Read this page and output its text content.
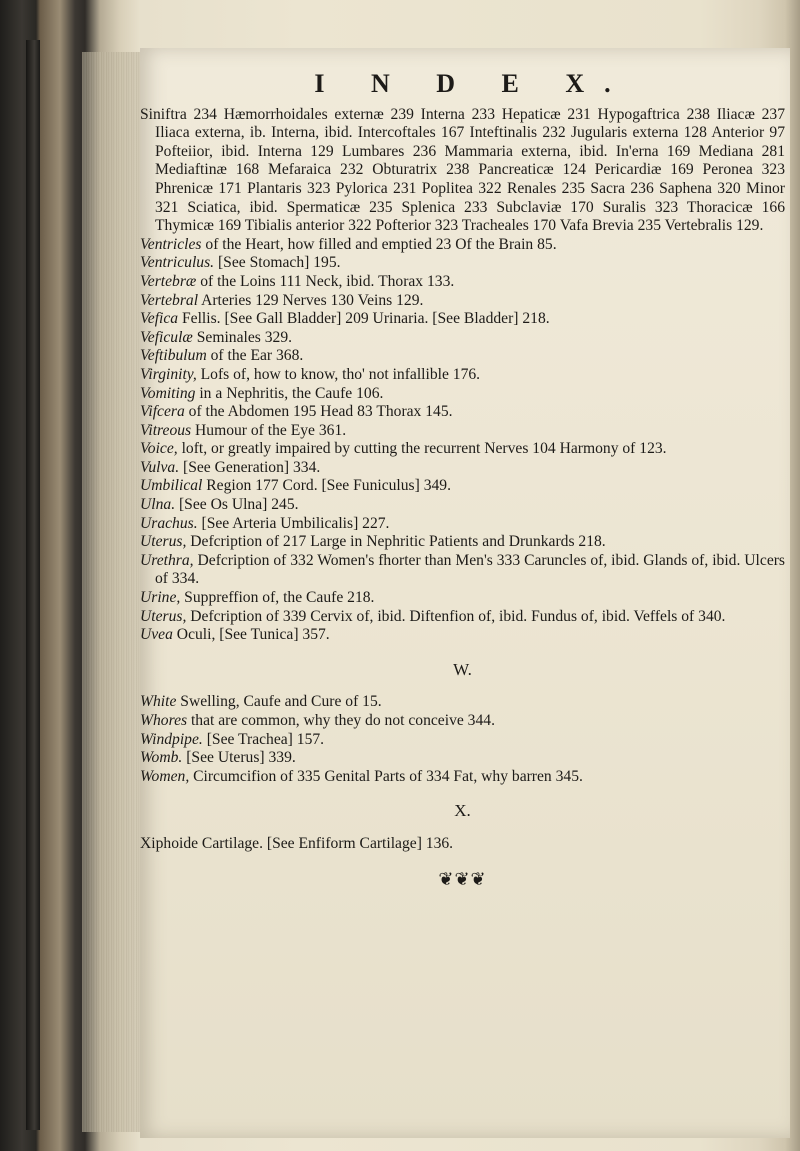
I N D E X.
Siniftra 234 Hæmorrhoidales externæ 239 Interna 233 Hepaticæ 231 Hypogaftrica 238 Iliacæ 237 Iliaca externa, ib. Interna, ibid. Intercoftales 167 Inteftinalis 232 Jugularis externa 128 Anterior 97 Pofteiior, ibid. Interna 129 Lumbares 236 Mammaria externa, ibid. In'erna 169 Mediana 281 Mediaftinæ 168 Mefaraica 232 Obturatrix 238 Pancreaticæ 124 Pericardiæ 169 Peronea 323 Phrenicæ 171 Plantaris 323 Pylorica 231 Poplitea 322 Renales 235 Sacra 236 Saphena 320 Minor 321 Sciatica, ibid. Spermaticæ 235 Splenica 233 Subclaviæ 170 Suralis 323 Thoracicæ 166 Thymicæ 169 Tibialis anterior 322 Pofterior 323 Tracheales 170 Vafa Brevia 235 Vertebralis 129.
Ventricles of the Heart, how filled and emptied 23 Of the Brain 85.
Ventriculus. [See Stomach] 195.
Vertebræ of the Loins 111 Neck, ibid. Thorax 133.
Vertebral Arteries 129 Nerves 130 Veins 129.
Vefica Fellis. [See Gall Bladder] 209 Urinaria. [See Bladder] 218.
Veficulæ Seminales 329.
Veftibulum of the Ear 368.
Virginity, Lofs of, how to know, tho' not infallible 176.
Vomiting in a Nephritis, the Caufe 106.
Vifcera of the Abdomen 195 Head 83 Thorax 145.
Vitreous Humour of the Eye 361.
Voice, loft, or greatly impaired by cutting the recurrent Nerves 104 Harmony of 123.
Vulva. [See Generation] 334.
Umbilical Region 177 Cord. [See Funiculus] 349.
Ulna. [See Os Ulna] 245.
Urachus. [See Arteria Umbilicalis] 227.
Uterus, Defcription of 217 Large in Nephritic Patients and Drunkards 218.
Urethra, Defcription of 332 Women's fhorter than Men's 333 Caruncles of, ibid. Glands of, ibid. Ulcers of 334.
Urine, Suppreffion of, the Caufe 218.
Uterus, Defcription of 339 Cervix of, ibid. Diftenfion of, ibid. Fundus of, ibid. Veffels of 340.
Uvea Oculi, [See Tunica] 357.
W.
White Swelling, Caufe and Cure of 15.
Whores that are common, why they do not conceive 344.
Windpipe. [See Trachea] 157.
Womb. [See Uterus] 339.
Women, Circumcifion of 335 Genital Parts of 334 Fat, why barren 345.
X.
Xiphoide Cartilage. [See Enfiform Cartilage] 136.
❦❦❦
